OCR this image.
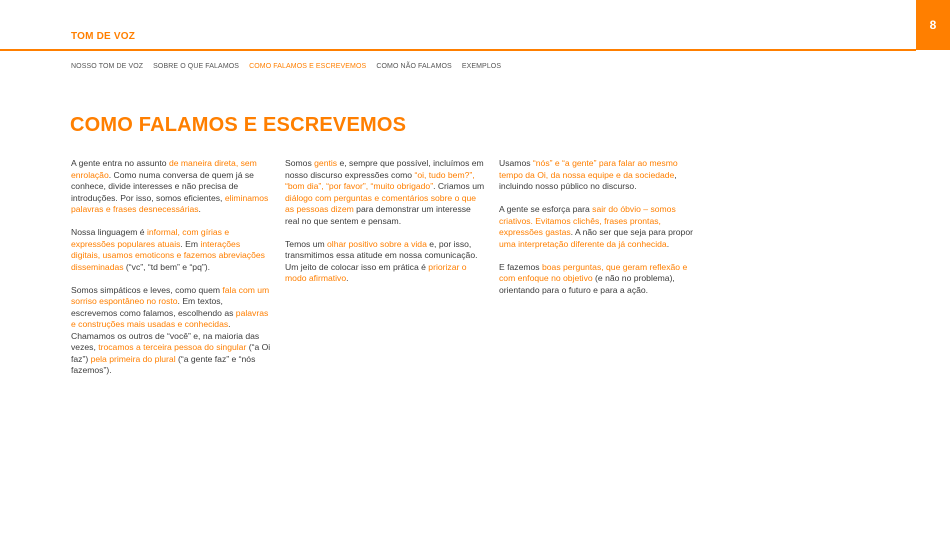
8
TOM DE VOZ
NOSSO TOM DE VOZ SOBRE O QUE FALAMOS COMO FALAMOS E ESCREVEMOS COMO NÃO FALAMOS EXEMPLOS
COMO FALAMOS E ESCREVEMOS

A gente entra no assunto de maneira direta, sem enrolação. Como numa conversa de quem já se conhece, divide interesses e não precisa de introduções. Por isso, somos eficientes, eliminamos palavras e frases desnecessárias.

Nossa linguagem é informal, com gírias e expressões populares atuais. Em interações digitais, usamos emoticons e fazemos abreviações disseminadas (“vc”, “td bem” e “pq”).

Somos simpáticos e leves, como quem fala com um sorriso espontâneo no rosto. Em textos, escrevemos como falamos, escolhendo as palavras e construções mais usadas e conhecidas. Chamamos os outros de “você” e, na maioria das vezes, trocamos a terceira pessoa do singular (“a Oi faz”) pela primeira do plural (“a gente faz” e “nós fazemos”).

Somos gentis e, sempre que possível, incluímos em nosso discurso expressões como “oi, tudo bem?”, “bom dia”, “por favor”, “muito obrigado”. Criamos um diálogo com perguntas e comentários sobre o que as pessoas dizem para demonstrar um interesse real no que sentem e pensam.

Temos um olhar positivo sobre a vida e, por isso, transmitimos essa atitude em nossa comunicação. Um jeito de colocar isso em prática é priorizar o modo afirmativo.

Usamos “nós” e “a gente” para falar ao mesmo tempo da Oi, da nossa equipe e da sociedade, incluindo nosso público no discurso.

A gente se esforça para sair do óbvio – somos criativos. Evitamos clichês, frases prontas, expressões gastas. A não ser que seja para propor uma interpretação diferente da já conhecida.

E fazemos boas perguntas, que geram reflexão e com enfoque no objetivo (e não no problema), orientando para o futuro e para a ação.
